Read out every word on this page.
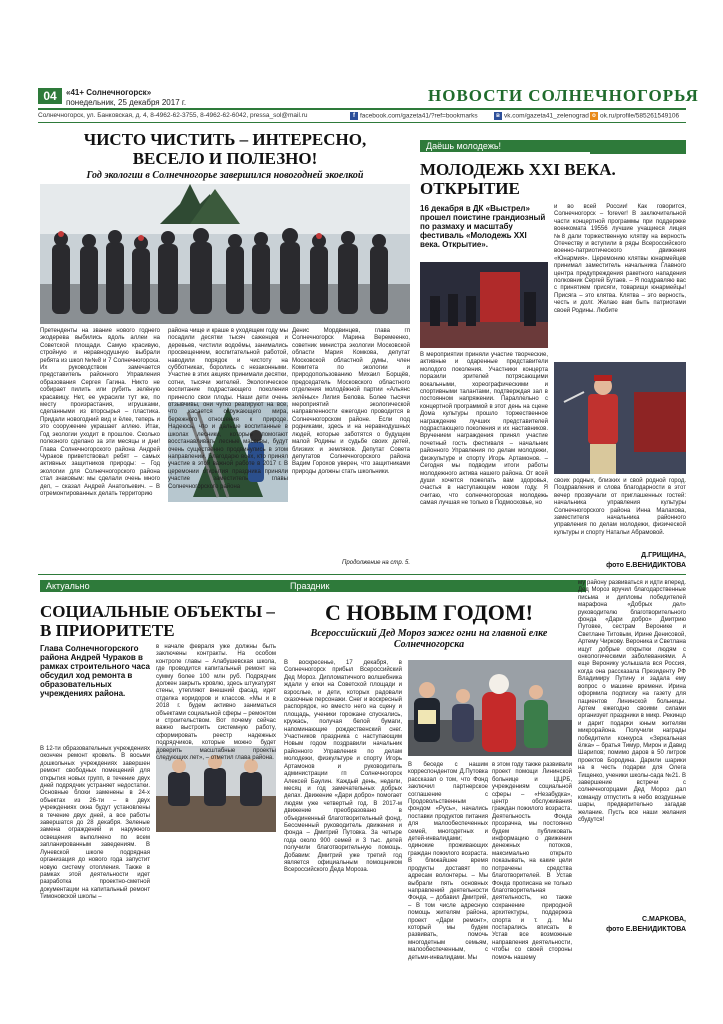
04	«41+ Солнечногорск»
понедельник, 25 декабря 2017 г.	НОВОСТИ СОЛНЕЧНОГОРЬЯ
Солнечногорск, ул. Банковская, д. 4, 8-4962-62-3755, 8-4962-62-6042, pressa_sol@mail.ru	f facebook.com/gazeta41/?ref=bookmarks	в vk.com/gazeta41_zelenograd o ok.ru/profile/585261549106
ЧИСТО ЧИСТИТЬ – ИНТЕРЕСНО,
ВЕСЕЛО И ПОЛЕЗНО!
Год экологии в Солнечногорье завершился новогодней экоелкой
Претенденты на звание нового годнего экодерева выбились вдоль аллеи на Советской площади. Самую красивую, стройную и неравнодушную выбрали ребята из школ №№8 и 7 Солнечногорска. Их руководством замечается представитель районного Управления образования Сергея Гагина. Никто не собирает пилить или рубить зелёную красавицу. Нет, ее украсили тут же, по месту произрастания, игрушками, сделанными из вторсырья – пластика. Придали новогодний вид и ёлке, теперь и это сооружение украшает аллею. Итак, Год экологии уходит в прошлое. Сколько полезного сделано за эти месяцы и дни! Глава Солнечногорского района Андрей Чураков приветствовал ребят – самых активных защитников природы: – Год экологии для Солнечногорского района стал знаковым: мы сделали очень много дел, – сказал Андрей Анатольевич. – В отремонтированных делать территорию
района чище и краше в уходящем году мы посадили десятки тысяч саженцев и деревьев, чистили водоёмы, занимались просвещением, воспитательной работой, наводили порядок и чистоту на субботниках, боролись с незаконными. Участие в этих акциях принимали десятки, сотни, тысячи жителей. Экологическое воспитание подрастающего поколения принесло свои плоды. Наши дети очень отзывчивы, они чутко реагируют на все, что касается окружающего мира, бережного отношения к природе. Надеюсь, что и дальше воспитанные в школах лесники, которые помогают восстанавливать лесные массивы, будут очень существенно продвинулись в этом направлении. Благодарю всех, кто принял участие в этой важной работе в 2017 г. В церемонии открытия праздника приняли участие заместитель главы Солнечногорского района
Денис Мордвинцев, глава гп Солнечногорск Марина Веремеенко, советник министра экологии Московской области Мария Комкова, депутат Московской областной думы, член Комитета по экологии и природопользованию Михаил Борщёв, председатель Московского областного отделения молодёжной партии «Альянс зелёных» Лилия Белова. Более тысячи мероприятий экологической направленности ежегодно проводится в Солнечногорском районе. Если под родниками, здесь и на неравнодушных людей, которые заботятся о будущем малой Родины и судьбе своих детей, близких и земляков. Депутат Совета депутатов Солнечногорского района Вадим Горохов уверен, что защитниками природы должны стать школьники.
Продолжение на стр. 5.
Даёшь молодежь!
МОЛОДЕЖЬ XXI ВЕКА.
ОТКРЫТИЕ
16 декабря в ДК «Выстрел» прошел поистине грандиозный по размаху и масштабу фестиваль «Молодежь XXI века. Открытие».
В мероприятии приняли участие творческие, активные и одаренные представители молодого поколения. Участники концерта поразили зрителей потрясающими вокальными, хореографическими и спортивными талантами, подтверждая зал в постоянном напряжении. Параллельно с концертной программой в этот день на сцене Дома культуры прошло торжественное награждение лучших представителей подрастающего поколения и их наставников. Вручением награждения принял участие почетный гость фестиваля – начальник районного Управления по делам молодежи, физкультуре и спорту Игорь Артамонов. – Сегодня мы подводим итоги работы молодежного актива нашего района. От всей души хочется пожелать вам здоровья, счастья в наступающем новом году. Я считаю, что солнечногорская молодежь самая лучшая не только в Подмосковье, но
и во всей России! Как говорится, Солнечногорск – forever! В заключительной части концертной программы при поддержке военкомата 19556 лучшие учащиеся лицея №8 дали торжественную клятву на верность Отечеству и вступили в ряды Всероссийского военно-патриотического движения «Юнармия». Церемонию клятвы юнармейцев принимал заместитель начальника Главного центра предупреждения ракетного нападения полковник Сергей Бутаев. – Я поздравляю вас с принятием присяги, товарищи юнармейцы! Присяга – это клятва. Клятва – это верность, честь и долг. Желаю вам быть патриотами своей Родины. Любите
своих родных, близких и свой родной город. Поздравления и слова благодарности в этот вечер прозвучали от приглашенных гостей: начальника управления культуры Солнечногорского района Инна Малахова, заместителя начальника районного управления по делам молодежи, физической культуры и спорту Натальи Абрамовой.
Д.ГРИЩИНА,
фото Е.ВЕНИДИКТОВА
Актуально
СОЦИАЛЬНЫЕ ОБЪЕКТЫ –
В ПРИОРИТЕТЕ
Глава Солнечногорского района Андрей Чураков в рамках строительного часа обсудил ход ремонта в образовательных учреждениях района.
В 12-ти образовательных учреждениях окончен ремонт кровель. В восьми дошкольных учреждениях завершен ремонт свободных помещений для открытия новых групп, в течение двух дней подрядчик устраняет недостатки. Основные блоки заменены в 24-х объектах из 26-ти – в двух учреждениях окна будут установлены в течение двух дней, а все работы завершатся до 28 декабря. Зеленые замена ограждений и наружного освещения выполнено по всем запланированным заведениям. В Луневской школе подрядная организация до нового года запустит новую систему отопления. Также в рамках этой деятельности идет разработка проектно-сметной документации на капитальный ремонт Тимоновской школы –
в начале февраля уже должны быть заключены контракты. На особом контроле главы – Алабушевская школа, где проводится капитальный ремонт на сумму более 100 млн руб. Подрядчик должен закрыть кровлю, здесь штукатурят стены, утепляют внешний фасад, идет отделка коридоров и классов. «Мы и в 2018 г. будем активно заниматься объектами социальной сферы – ремонтом и строительством. Вот почему сейчас важно выстроить системную работу, сформировать реестр надежных подрядчиков, которые можно будет доверить масштабные проекты следующих лет», – отметил глава района.
Праздник
С НОВЫМ ГОДОМ!
Всероссийский Дед Мороз зажег огни на главной елке
Солнечногорска
В воскресенье, 17 декабря, в Солнечногорск прибыл Всероссийский Дед Мороз. Дипломатичного волшебника ждали у елки на Советской площади и взрослые, и дети, которых радовали сказочные персонажи. Снег и воскресный распорядок, но вместо него на сцену и площадь, ученики горожане спускались, кружась, получая белой бумаги, напоминающие рождественский снег. Участников праздника с наступающим Новым годом поздравили начальник районного Управления по делам молодежи, физкультуре и спорту Игорь Артамонов и руководитель администрации гп Солнечногорск Алексей Баулин. Каждый день, недели, месяц и год замечательных добрых делах. Движение «Дари добро» помогает людям уже четвертый год. В 2017-м движение преобразовано в объединенный благотворительный фонд. Бессменный руководитель движения и фонда – Дмитрий Путовка. За четыре года около 900 семей и 3 тыс. детей получили благотворительную помощь. Добавим: Дмитрий уже третий год является официальным помощником Всероссийского Деда Мороза.
В беседе с нашим корреспондентом Д.Путовка рассказал о том, что Фонд заключил партнерское соглашение с Продовольственным фондом «Русь», начались поставки продуктов питания для малообеспеченных семей, многодетных и детей-инвалидами; одинокие проживающих граждан пожилого возраста. В ближайшее время продукты доставят по адресам волонтеры. – Мы выбрали пять основных направлений деятельности Фонда, – добавил Дмитрий, – В том числе адресную помощь жителям района, проект «Дари ремонт», который мы будем развивать, помочь многодетным семьям, малообеспеченным, с детьми-инвалидами. Мы
в этом году также развивали проект помощи Лининской больнице и ЦЦРБ, учреждениям социальной сферы – «Незабудка», центр обслуживания граждан пожилого возраста. Деятельность Фонда прозрачна, мы постоянно будем публиковать информацию о движении денежных потоков, максимально открыто показывать, на какие цели потрачены средства благотворителей. В Устав Фонда прописана не только благотворительная деятельность, но также сохранение природной архитектуры, поддержка спорта и т. д. Мы постарались вписать в Устав все возможные направления деятельности, чтобы со своей стороны помочь нашему
му району развиваться и идти вперед. Дед Мороз вручил благодарственные письма и дипломы победителей марафона «Добрых дел» руководителю благотворительного фонда «Дари добро» Дмитрию Путовке, сестрам Веронике и Светлане Титовым, Ирине Денисовой, Артему Чиркову. Вероника и Светлана ищут добрые открытки людям с онкологическими заболеваниями. А еще Веронику услышала вся Россия, когда она рассказала Президенту РФ Владимиру Путину и задала ему вопрос о машине времени. Ирина оформила подписку на газету для пациентов Лининской больницы. Артем ежегодно своими силами организует праздники в микр. Рекинцо и дарит подарки юным жителям микрорайона. Получили награды победители конкурса «Зеркальная ёлка» – братья Тимур, Мирон и Давид Шарипов; помимо даров в 50 литров проектов Бородина. Дарили шарики на в честь подарки для Олега Тищенко, ученики школы-сада №21. В завершение встречи с солнечногорцами Дед Мороз дал команду отпустить в небо воздушные шары, предварительно загадав желание. Пусть все наши желания сбудутся!
С.МАРКОВА,
фото Е.ВЕНИДИКТОВА
